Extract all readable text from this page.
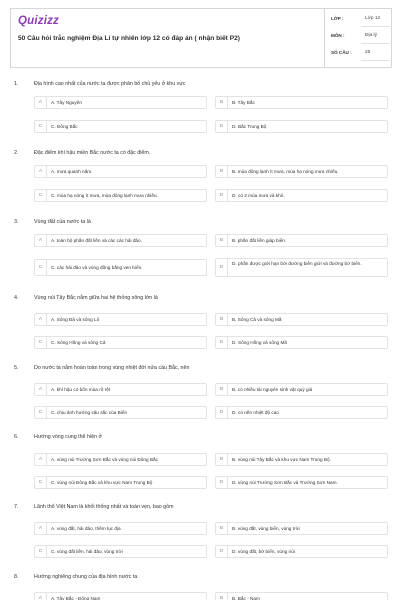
Quizizz
50 Câu hỏi trắc nghiệm Địa Lí tự nhiên lớp 12 có đáp án ( nhận biết P2)
LỚP :	Lớp 12
MÔN :	Địa lý
SỐ CÂU :	25
1.	Địa hình cao nhất của nước ta được phân bố chủ yếu ở khu vực
A	A. Tây Nguyên	B	B. Tây Bắc
C	C. Đông Bắc	D	D. Bắc Trung Bộ
2.	Đặc điểm khí hậu miền Bắc nước ta có đặc điểm.
A	A. mưa quanh năm.	B	B. mùa đông lạnh ít mưa, mùa hạ nóng mưa nhiều.
C	C. mùa hạ nóng ít mưa, mùa đông lạnh mưa nhiều.	D	D. có 2 mùa mưa và khô.
3.	Vùng đất của nước ta là
A	A. toàn bộ phần đất liền và các các hải đảo.	B	B. phần đất liền giáp biển.
C	C. các hải đảo và vùng đồng bằng ven biển.	D
D. phần được giới hạn bởi đường biên giới và đường bờ biển.
4.	Vùng núi Tây Bắc nằm giữa hai hệ thống sông lớn là
A	A. Sông Đà và sông Lô	B	B. Sông Cả và sông Mã
C	C. Sông Hồng và sông Cả	D	D. Sông Hồng và sông Mã
5.	Do nước ta nằm hoàn toàn trong vùng nhiệt đới nửa cầu Bắc, nên
A	A. khí hậu có bốn mùa rõ rệt	B	B. có nhiều tài nguyên sinh vật quý giá
C	C. chịu ảnh hưởng sâu sắc của Biển	D	D. có nền nhiệt độ cao
6.	Hướng vòng cung thể hiện ở
A	A. vùng núi Trường Sơn Bắc và vùng núi Đông Bắc	B	B. vùng núi Tây Bắc và khu vực Nam Trung Bộ.
C	C. vùng núi Đông Bắc và khu vực Nam Trung Bộ	D	D. vùng núi Trường Sơn Bắc và Trường Sơn Nam.
7.	Lãnh thổ Việt Nam là khối thống nhất và toàn vẹn, bao gồm
A	A. vùng đất, hải đảo, thềm lục địa	B	B. vùng đất, vùng biển, vùng trời
C	C. vùng đất liền, hải đảo, vùng trời	D	D. vùng đất, bờ biển, vùng núi
8.	Hướng nghiêng chung của địa hình nước ta
A	A. Tây Bắc - Đông Nam	B	B. Bắc - Nam
